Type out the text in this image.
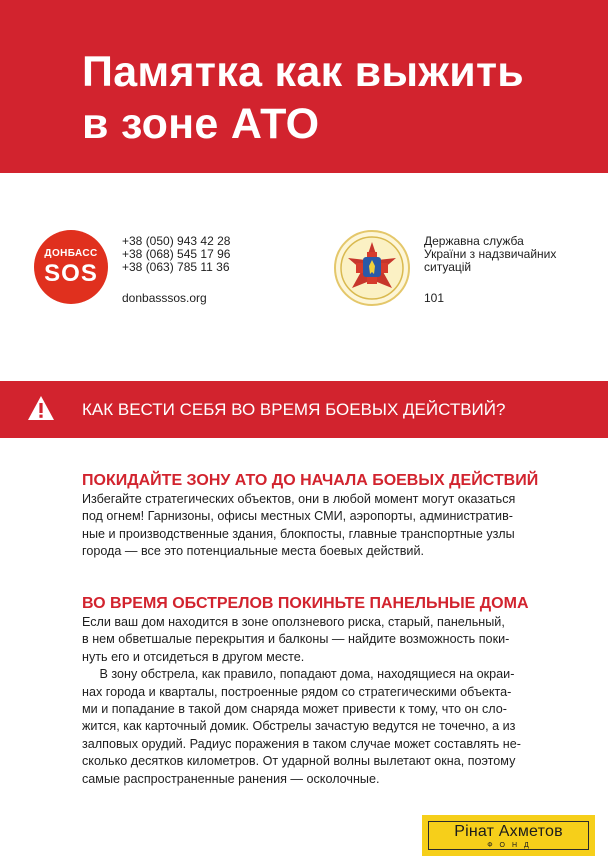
Памятка как выжить
в зоне АТО
ДОНБАСС
SOS
+38 (050) 943 42 28
+38 (068) 545 17 96
+38 (063) 785 11 36
donbasssos.org
Державна служба
України з надзвичайних
ситуацій
101
КАК ВЕСТИ СЕБЯ ВО ВРЕМЯ БОЕВЫХ ДЕЙСТВИЙ?
ПОКИДАЙТЕ ЗОНУ АТО ДО НАЧАЛА БОЕВЫХ ДЕЙСТВИЙ
Избегайте стратегических объектов, они в любой момент могут оказаться
под огнем! Гарнизоны, офисы местных СМИ, аэропорты, административ-
ные и производственные здания, блокпосты, главные транспортные узлы
города — все это потенциальные места боевых действий.
ВО ВРЕМЯ ОБСТРЕЛОВ ПОКИНЬТЕ ПАНЕЛЬНЫЕ ДОМА
Если ваш дом находится в зоне оползневого риска, старый, панельный,
в нем обветшалые перекрытия и балконы — найдите возможность поки-
нуть его и отсидеться в другом месте.
В зону обстрела, как правило, попадают дома, находящиеся на окраи-
нах города и кварталы, построенные рядом со стратегическими объекта-
ми и попадание в такой дом снаряда может привести к тому, что он сло-
жится, как карточный домик. Обстрелы зачастую ведутся не точечно, а из
залповых орудий. Радиус поражения в таком случае может составлять не-
сколько десятков километров. От ударной волны вылетают окна, поэтому
самые распространенные ранения — осколочные.
Рінат Ахметов
ФОНД
